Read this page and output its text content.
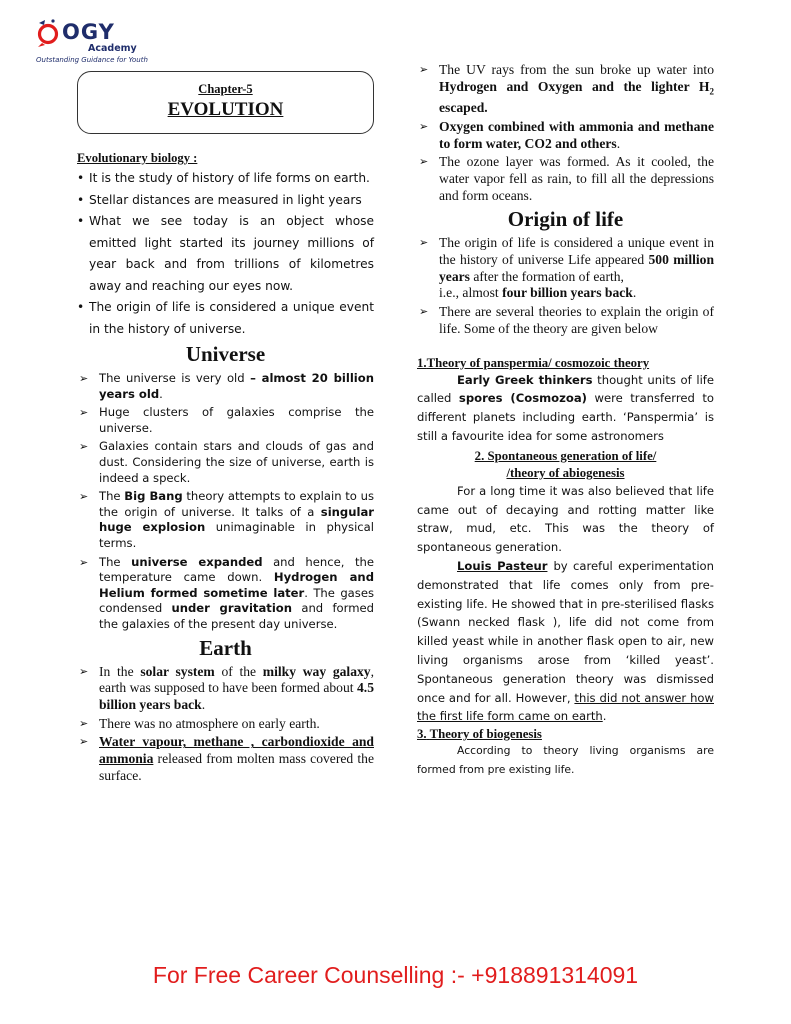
OGY
Academy
Outstanding Guidance for Youth
Chapter-5
EVOLUTION
Evolutionary biology :
• It is the study of history of life forms on earth.
• Stellar distances are measured in light years
• What we see today is an object whose emitted light started its journey millions of year back and from trillions of kilometres away and reaching our eyes now.
• The origin of life is considered a unique event in the history of universe.
Universe
➢ The universe is very old – almost 20 billion years old.
➢ Huge clusters of galaxies comprise the universe.
➢ Galaxies contain stars and clouds of gas and dust. Considering the size of universe, earth is indeed a speck.
➢ The Big Bang theory attempts to explain to us the origin of universe. It talks of a singular huge explosion unimaginable in physical terms.
➢ The universe expanded and hence, the temperature came down. Hydrogen and Helium formed sometime later. The gases condensed under gravitation and formed the galaxies of the present day universe.
Earth
➢ In the solar system of the milky way galaxy, earth was supposed to have been formed about 4.5 billion years back.
➢ There was no atmosphere on early earth.
➢ Water vapour, methane , carbondioxide and ammonia released from molten mass covered the surface.
➢ The UV rays from the sun broke up water into Hydrogen and Oxygen and the lighter $H_2$ escaped.
➢ Oxygen combined with ammonia and methane to form water, CO2 and others.
➢ The ozone layer was formed. As it cooled, the water vapor fell as rain, to fill all the depressions and form oceans.
Origin of life
➢ The origin of life is considered a unique event in the history of universe Life appeared 500 million years after the formation of earth,
i.e., almost four billion years back.
➢ There are several theories to explain the origin of life. Some of the theory are given below
1.Theory of panspermia/ cosmozoic theory
Early Greek thinkers thought units of life called spores (Cosmozoa) were transferred to different planets including earth. ‘Panspermia’ is still a favourite idea for some astronomers
2. Spontaneous generation of life/
/theory of abiogenesis
For a long time it was also believed that life came out of decaying and rotting matter like straw, mud, etc. This was the theory of spontaneous generation.
Louis Pasteur by careful experimentation demonstrated that life comes only from pre-existing life. He showed that in pre-sterilised flasks (Swann necked flask ), life did not come from killed yeast while in another flask open to air, new living organisms arose from ‘killed yeast’. Spontaneous generation theory was dismissed once and for all. However, this did not answer how the first life form came on earth.
3. Theory of biogenesis
According to theory living organisms are formed from pre existing life.
For Free Career Counselling :- +918891314091
